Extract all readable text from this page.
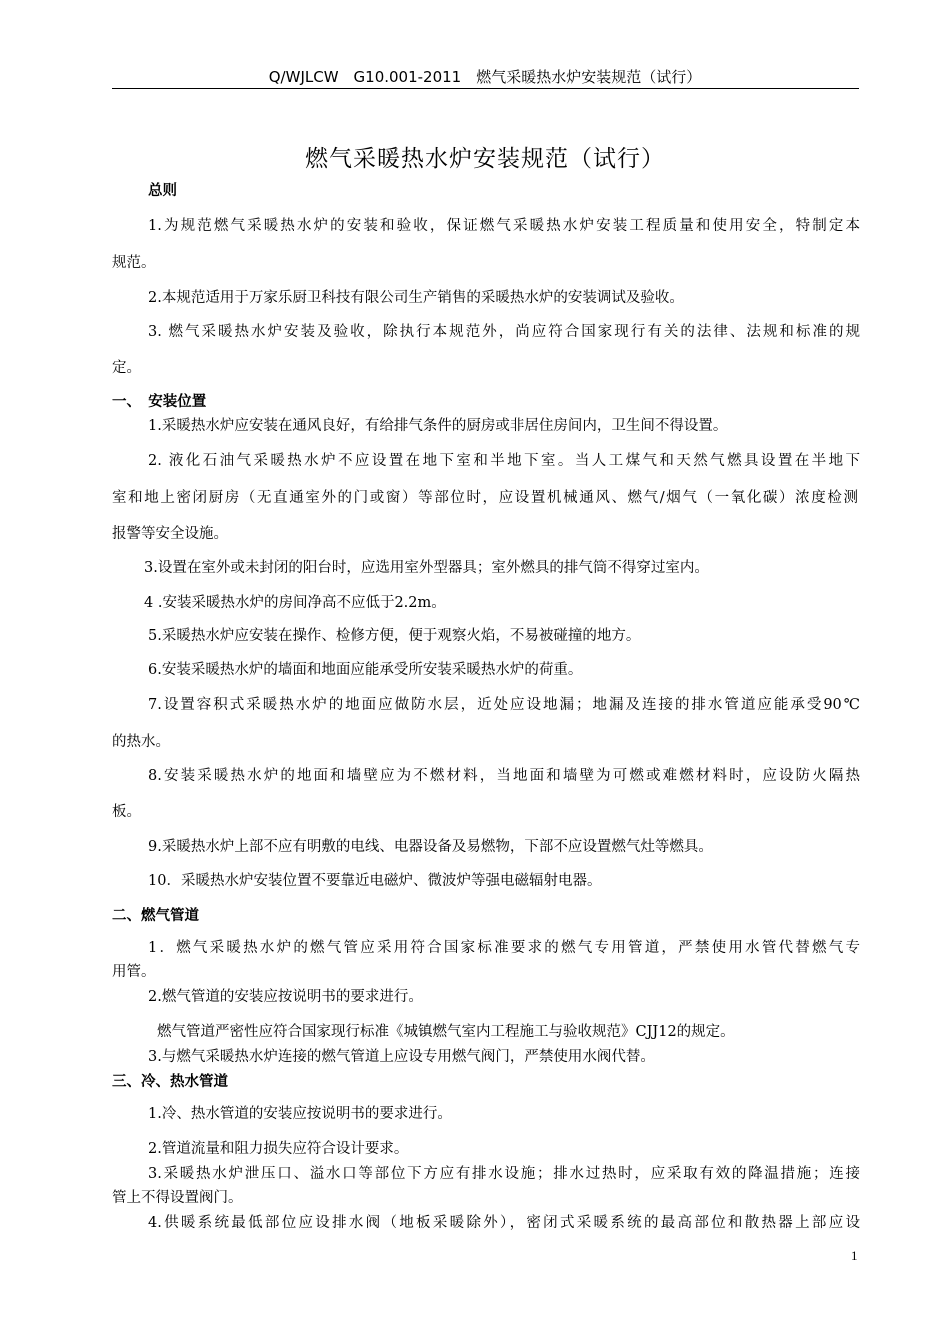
Q/WJLCW　G10.001-2011　燃气采暖热水炉安装规范（试行）
燃气采暖热水炉安装规范（试行）
总则
1.为规范燃气采暖热水炉的安装和验收，保证燃气采暖热水炉安装工程质量和使用安全，特制定本
规范。
2.本规范适用于万家乐厨卫科技有限公司生产销售的采暖热水炉的安装调试及验收。
3. 燃气采暖热水炉安装及验收，除执行本规范外，尚应符合国家现行有关的法律、法规和标准的规
定。
一、　安装位置
1.采暖热水炉应安装在通风良好，有给排气条件的厨房或非居住房间内，卫生间不得设置。
2. 液化石油气采暖热水炉不应设置在地下室和半地下室。当人工煤气和天然气燃具设置在半地下
室和地上密闭厨房（无直通室外的门或窗）等部位时，应设置机械通风、燃气/烟气（一氧化碳）浓度检测
报警等安全设施。
3.设置在室外或未封闭的阳台时，应选用室外型器具；室外燃具的排气筒不得穿过室内。
4 .安装采暖热水炉的房间净高不应低于2.2m。
5.采暖热水炉应安装在操作、检修方便，便于观察火焰，不易被碰撞的地方。
6.安装采暖热水炉的墙面和地面应能承受所安装采暖热水炉的荷重。
7.设置容积式采暖热水炉的地面应做防水层，近处应设地漏；地漏及连接的排水管道应能承受90℃
的热水。
8.安装采暖热水炉的地面和墙壁应为不燃材料，当地面和墙壁为可燃或难燃材料时，应设防火隔热
板。
9.采暖热水炉上部不应有明敷的电线、电器设备及易燃物，下部不应设置燃气灶等燃具。
10．采暖热水炉安装位置不要靠近电磁炉、微波炉等强电磁辐射电器。
二、燃气管道
1．燃气采暖热水炉的燃气管应采用符合国家标准要求的燃气专用管道，严禁使用水管代替燃气专
用管。
2.燃气管道的安装应按说明书的要求进行。
燃气管道严密性应符合国家现行标准《城镇燃气室内工程施工与验收规范》CJJ12的规定。
3.与燃气采暖热水炉连接的燃气管道上应设专用燃气阀门，严禁使用水阀代替。
三、冷、热水管道
1.冷、热水管道的安装应按说明书的要求进行。
2.管道流量和阻力损失应符合设计要求。
3.采暖热水炉泄压口、溢水口等部位下方应有排水设施；排水过热时，应采取有效的降温措施；连接
管上不得设置阀门。
4.供暖系统最低部位应设排水阀（地板采暖除外），密闭式采暖系统的最高部位和散热器上部应设
1
